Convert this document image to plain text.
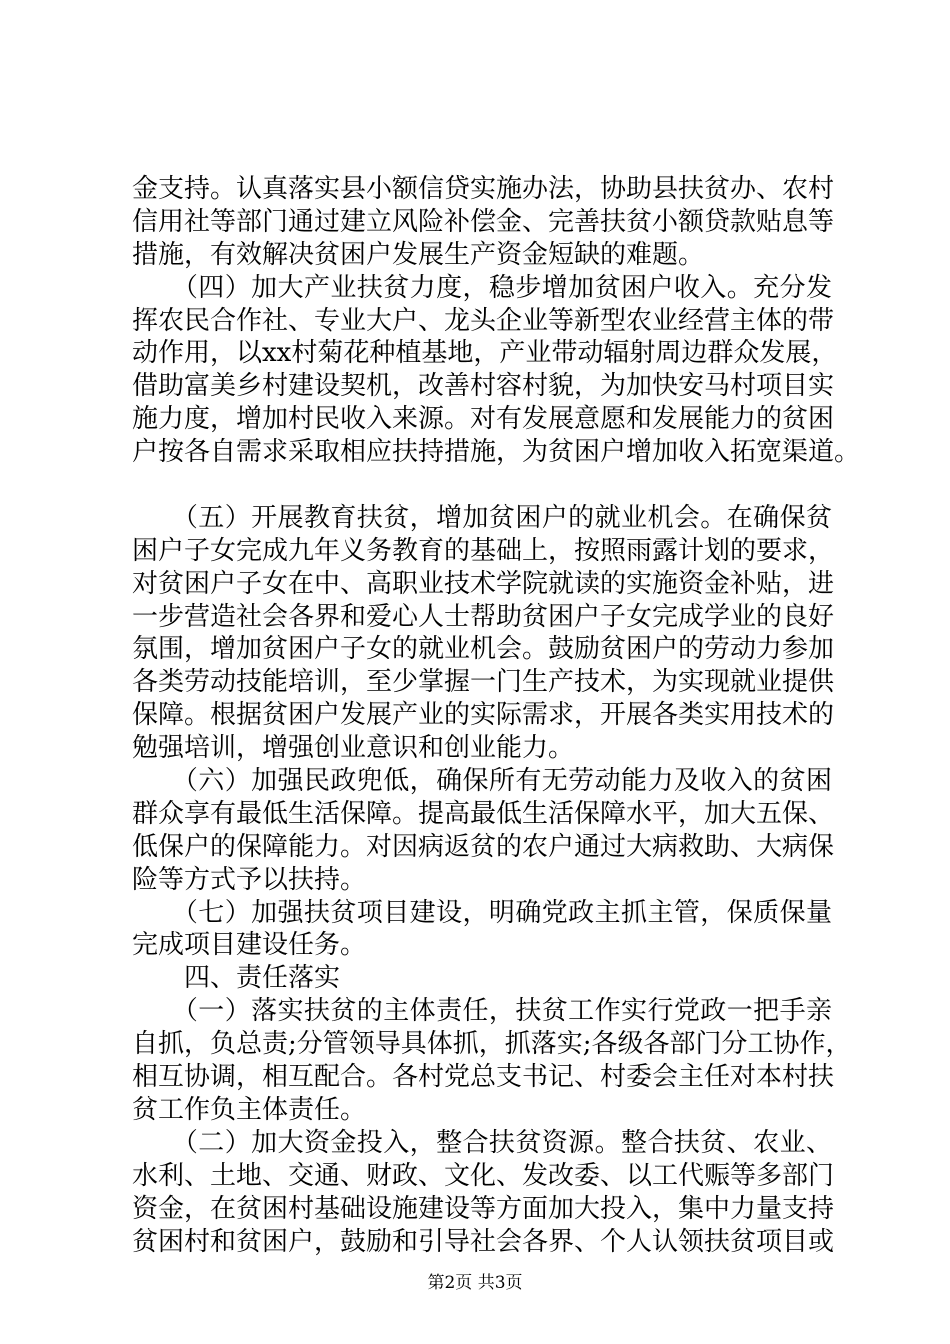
金支持。认真落实县小额信贷实施办法，协助县扶贫办、农村
信用社等部门通过建立风险补偿金、完善扶贫小额贷款贴息等
措施，有效解决贫困户发展生产资金短缺的难题。
　　（四）加大产业扶贫力度，稳步增加贫困户收入。充分发
挥农民合作社、专业大户、龙头企业等新型农业经营主体的带
动作用，以xx村菊花种植基地，产业带动辐射周边群众发展，
借助富美乡村建设契机，改善村容村貌，为加快安马村项目实
施力度，增加村民收入来源。对有发展意愿和发展能力的贫困
户按各自需求采取相应扶持措施，为贫困户增加收入拓宽渠道。
　　（五）开展教育扶贫，增加贫困户的就业机会。在确保贫
困户子女完成九年义务教育的基础上，按照雨露计划的要求，
对贫困户子女在中、高职业技术学院就读的实施资金补贴，进
一步营造社会各界和爱心人士帮助贫困户子女完成学业的良好
氛围，增加贫困户子女的就业机会。鼓励贫困户的劳动力参加
各类劳动技能培训，至少掌握一门生产技术，为实现就业提供
保障。根据贫困户发展产业的实际需求，开展各类实用技术的
勉强培训，增强创业意识和创业能力。
　　（六）加强民政兜低，确保所有无劳动能力及收入的贫困
群众享有最低生活保障。提高最低生活保障水平，加大五保、
低保户的保障能力。对因病返贫的农户通过大病救助、大病保
险等方式予以扶持。
　　（七）加强扶贫项目建设，明确党政主抓主管，保质保量
完成项目建设任务。
　　四、责任落实
　　（一）落实扶贫的主体责任，扶贫工作实行党政一把手亲
自抓，负总责;分管领导具体抓，抓落实;各级各部门分工协作，
相互协调，相互配合。各村党总支书记、村委会主任对本村扶
贫工作负主体责任。
　　（二）加大资金投入，整合扶贫资源。整合扶贫、农业、
水利、土地、交通、财政、文化、发改委、以工代赈等多部门
资金，在贫困村基础设施建设等方面加大投入，集中力量支持
贫困村和贫困户，鼓励和引导社会各界、个人认领扶贫项目或
第2页 共3页
